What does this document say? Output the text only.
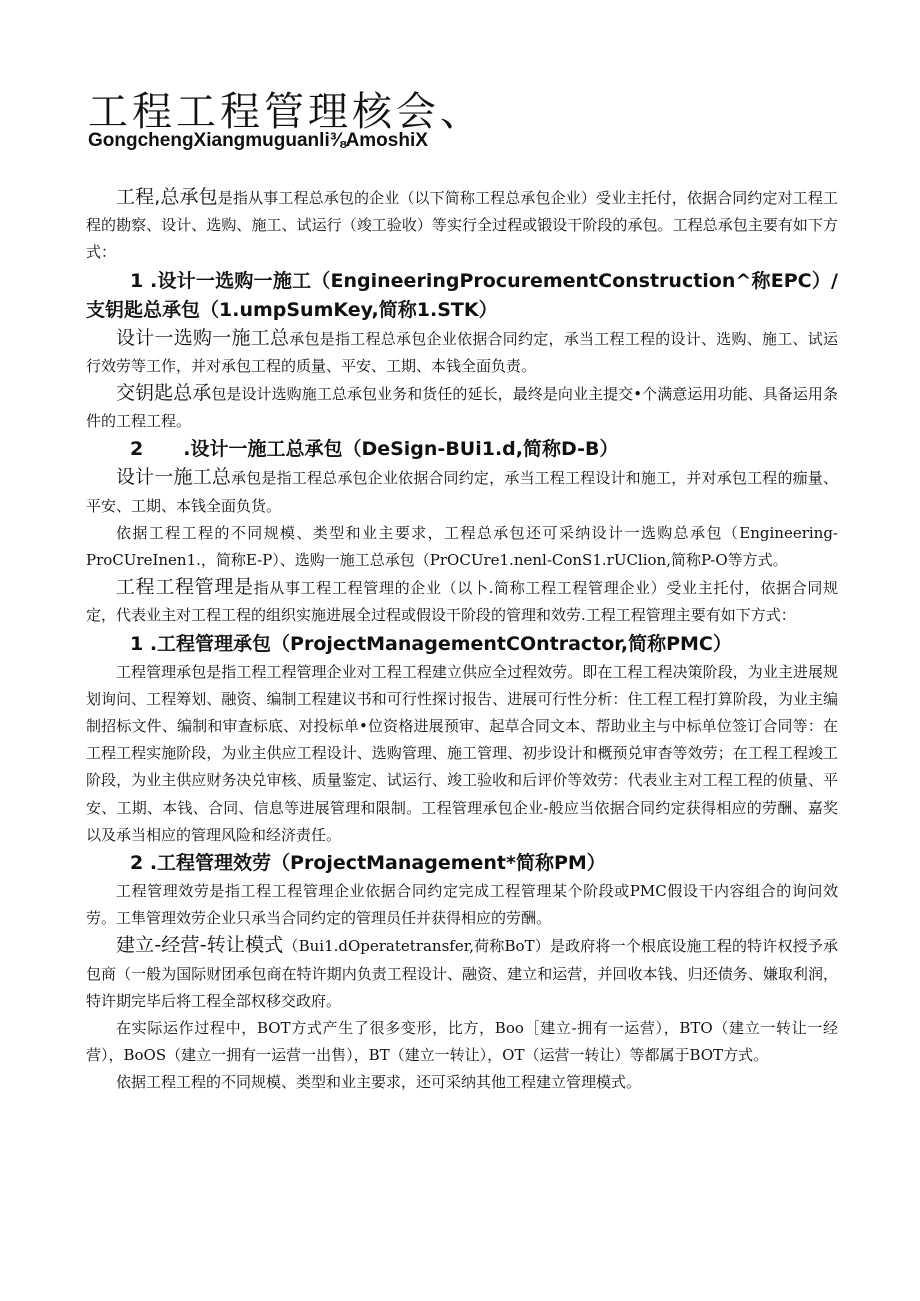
工程工程管理核会、
GongchengXiangmuguanli⅜AmoshiX

工程,总承包是指从事工程总承包的企业（以下简称工程总承包企业）受业主托付，依据合同约定对工程工程的勘察、设计、选购、施工、试运行（竣工验收）等实行全过程或锻设干阶段的承包。工程总承包主要有如下方式：

1 .设计一选购一施工（EngineeringProcurementConstruction^称EPC）/支钥匙总承包（1.umpSumKey,简称1.STK）

设计一选购一施工总承包是指工程总承包企业依据合同约定，承当工程工程的设计、选购、施工、试运行效劳等工作，并对承包工程的质量、平安、工期、本钱全面负责。

交钥匙总承包是设计选购施工总承包业务和货任的延长，最终是向业主提交•个满意运用功能、具备运用条件的工程工程。

2 .设计一施工总承包（DeSign-BUi1.d,简称D-B）

设计一施工总承包是指工程总承包企业依据合同约定，承当工程工程设计和施工，并对承包工程的痂量、平安、工期、本钱全面负货。

依据工程工程的不同规模、类型和业主要求，工程总承包还可采纳设计一选购总承包（Engineering-ProCUreInen1.，简称E-P）、选购一施工总承包（PrOCUre1.nenl-ConS1.rUClion,简称P-O等方式。

工程工程管理是指从事工程工程管理的企业（以卜.简称工程工程管理企业）受业主托付，依据合同规定，代表业主对工程工程的组织实施进展全过程或假设干阶段的管理和效劳.工程工程管理主要有如下方式：

1 .工程管理承包（ProjectManagementCOntractor,简称PMC）

工程管理承包是指工程工程管理企业对工程工程建立供应全过程效劳。即在工程工程决策阶段，为业主进展规划询问、工程筹划、融资、编制工程建议书和可行性探讨报告、进展可行性分析：住工程工程打算阶段，为业主编制招标文件、编制和审查标底、对投标单•位资格进展预审、起草合同文本、帮助业主与中标单位签订合同等：在工程工程实施阶段，为业主供应工程设计、选购管理、施工管理、初步设计和概预兑审杳等效劳；在工程工程竣工阶段，为业主供应财务决兑审核、质量鉴定、试运行、竣工验收和后评价等效劳：代表业主对工程工程的侦量、平安、工期、本钱、合同、信息等进展管理和限制。工程管理承包企业-般应当依据合同约定获得相应的劳酬、嘉奖以及承当相应的管理风险和经济责任。

2 .工程管理效劳（ProjectManagement*简称PM）

工程管理效劳是指工程工程管理企业依据合同约定完成工程管理某个阶段或PMC假设干内容组合的询问效劳。工隼管理效劳企业只承当合同约定的管理员任并获得相应的劳酬。

建立-经营-转让模式（Bui1.dOperatetransfer,荷称BoT）是政府将一个根底设施工程的特许权授予承包商（一般为国际财团承包商在特许期内负责工程设计、融资、建立和运营，并回收本钱、归还债务、嫌取利润，特许期完毕后将工程全部权移交政府。

在实际运作过程中，BOT方式产生了很多变形，比方，Boo［建立-拥有一运营），BTO（建立一转让一经营），BoOS（建立一拥有一运营一出售），BT（建立一转让），OT（运营一转让）等都属于BOT方式。

依据工程工程的不同规模、类型和业主要求，还可采纳其他工程建立管理模式。
